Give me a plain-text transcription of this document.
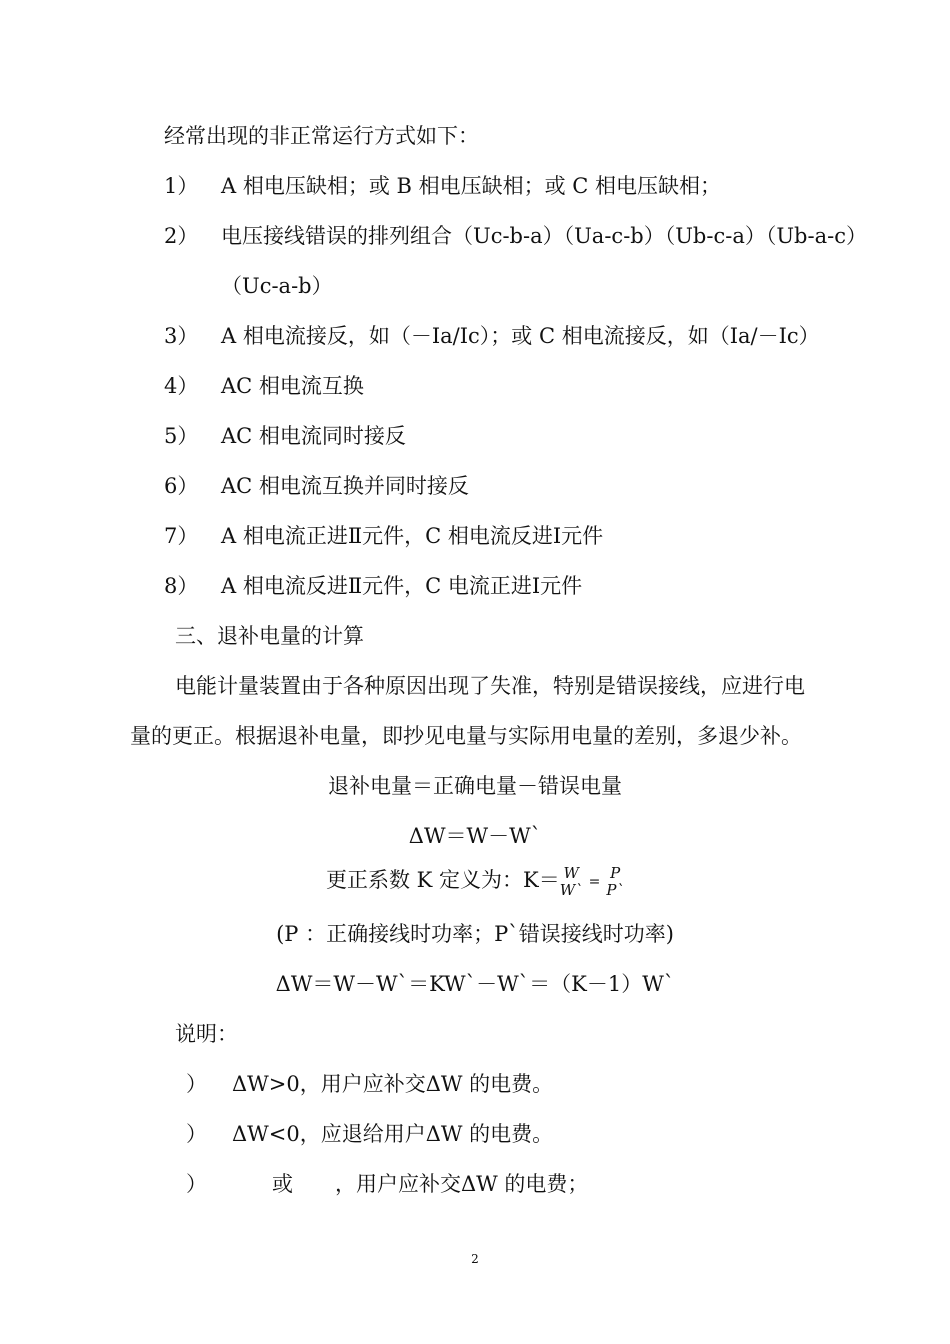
经常出现的非正常运行方式如下：
1） A 相电压缺相；或 B 相电压缺相；或 C 相电压缺相；
2） 电压接线错误的排列组合（Uc-b-a）（Ua-c-b）（Ub-c-a）（Ub-a-c）
（Uc-a-b）
3） A 相电流接反，如（－Ia/Ic）；或 C 相电流接反，如（Ia/－Ic）
4） AC 相电流互换
5） AC 相电流同时接反
6） AC 相电流互换并同时接反
7） A 相电流正进Ⅱ元件，C 相电流反进Ⅰ元件
8） A 相电流反进Ⅱ元件，C 电流正进Ⅰ元件
三、退补电量的计算
电能计量装置由于各种原因出现了失准，特别是错误接线，应进行电
量的更正。根据退补电量，即抄见电量与实际用电量的差别，多退少补。
退补电量＝正确电量－错误电量
ΔW＝W－W`
更正系数 K 定义为：K＝ W
W` = P
P`
(P ：正确接线时功率；P`错误接线时功率)
ΔW＝W－W`＝KW`－W`＝（K－1）W`
说明：
） ΔW>0，用户应补交ΔW 的电费。
） ΔW<0，应退给用户ΔW 的电费。
）	或　　，用户应补交ΔW 的电费；
2
